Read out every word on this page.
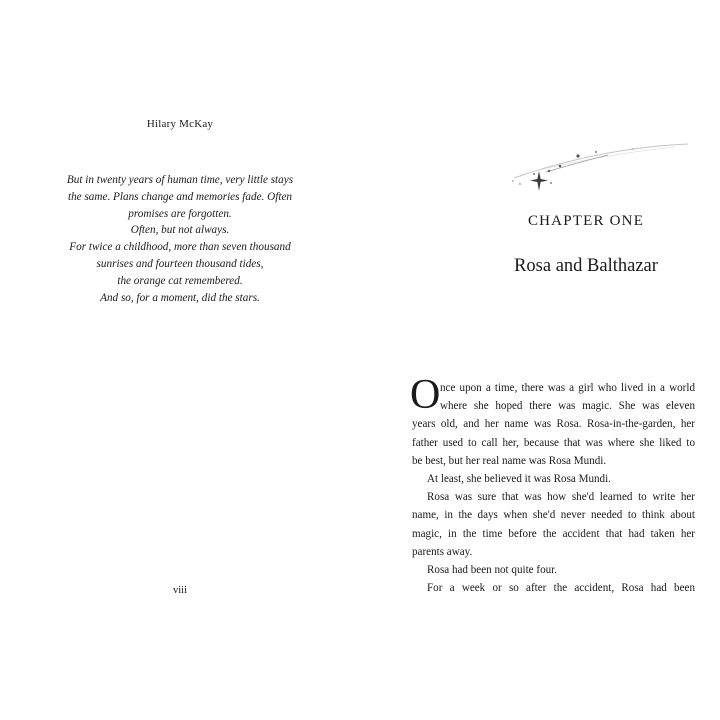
Hilary McKay
But in twenty years of human time, very little stays
the same. Plans change and memories fade. Often
promises are forgotten.
Often, but not always.
For twice a childhood, more than seven thousand
sunrises and fourteen thousand tides,
the orange cat remembered.
And so, for a moment, did the stars.
viii
CHAPTER ONE
Rosa and Balthazar
O nce upon a time, there was a girl who lived in a world
where she hoped there was magic. She was eleven
years old, and her name was Rosa. Rosa-in-the-garden, her
father used to call her, because that was where she liked to
be best, but her real name was Rosa Mundi.
At least, she believed it was Rosa Mundi.
Rosa was sure that was how she'd learned to write her
name, in the days when she'd never needed to think about
magic, in the time before the accident that had taken her
parents away.
Rosa had been not quite four.
For a week or so after the accident, Rosa had been
